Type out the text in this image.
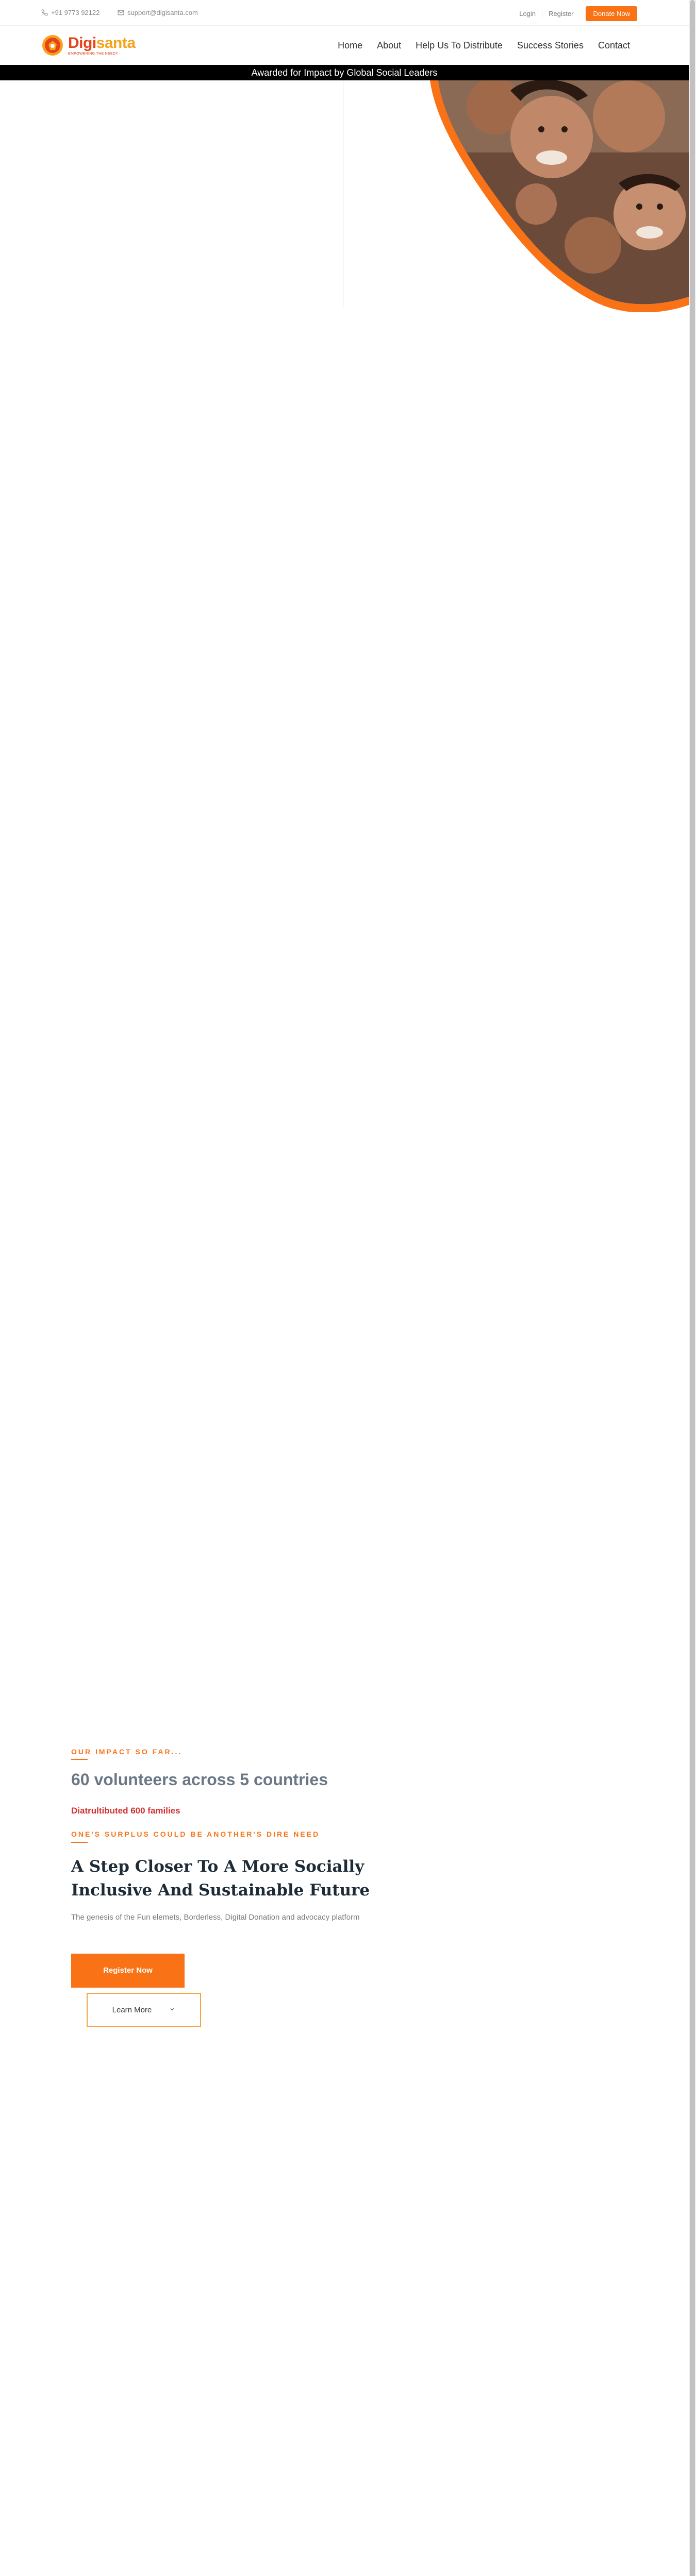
+91 9773 92122	support@digisanta.com	Login	Register	Donate Now
Digisanta
EMPOWERING THE NEEDY
Home	About	Help Us To Distribute	Success Stories	Contact
Awarded for Impact by Global Social Leaders
OUR IMPACT SO FAR...
60 volunteers across 5 countries
Diatrultibuted 600 families
ONE'S SURPLUS COULD BE ANOTHER'S DIRE NEED
A Step Closer To A More Socially Inclusive And Sustainable Future
The genesis of the Fun elemets, Borderless, Digital Donation and advocacy platform
Register Now
Learn More
